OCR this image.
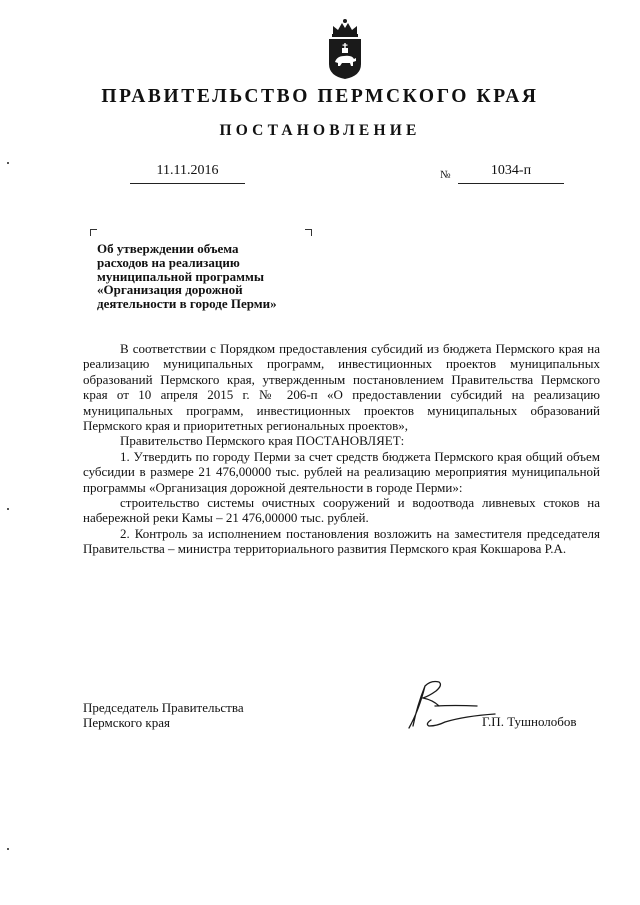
ПРАВИТЕЛЬСТВО ПЕРМСКОГО КРАЯ
ПОСТАНОВЛЕНИЕ
11.11.2016	№	1034-п
Об утверждении объема
расходов на реализацию
муниципальной программы
«Организация дорожной
деятельности в городе Перми»

В соответствии с Порядком предоставления субсидий из бюджета Пермского края на реализацию муниципальных программ, инвестиционных проектов муниципальных образований Пермского края, утвержденным постановлением Правительства Пермского края от 10 апреля 2015 г. № 206-п «О предоставлении субсидий на реализацию муниципальных программ, инвестиционных проектов муниципальных образований Пермского края и приоритетных региональных проектов»,

Правительство Пермского края ПОСТАНОВЛЯЕТ:

1. Утвердить по городу Перми за счет средств бюджета Пермского края общий объем субсидии в размере 21 476,00000 тыс. рублей на реализацию мероприятия муниципальной программы «Организация дорожной деятельности в городе Перми»:

строительство системы очистных сооружений и водоотвода ливневых стоков на набережной реки Камы – 21 476,00000 тыс. рублей.

2. Контроль за исполнением постановления возложить на заместителя председателя Правительства – министра территориального развития Пермского края Кокшарова Р.А.

Председатель Правительства
Пермского края	Г.П. Тушнолобов
